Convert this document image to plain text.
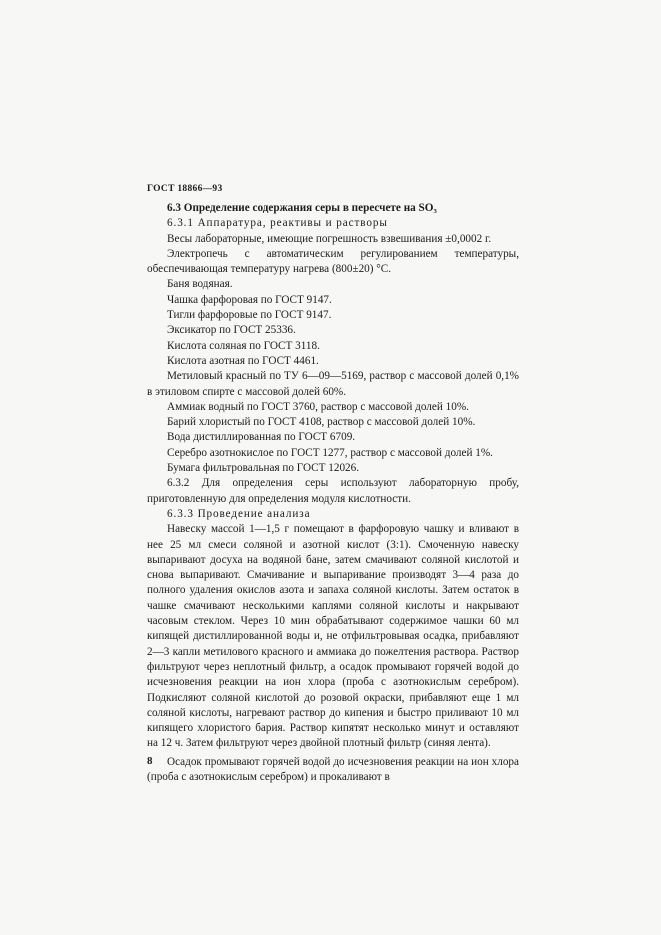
ГОСТ 18866—93

6.3 Определение содержания серы в пересчете на SO₃

6.3.1 Аппаратура, реактивы и растворы

Весы лабораторные, имеющие погрешность взвешивания ±0,0002 г.

Электропечь с автоматическим регулированием температуры, обеспечивающая температуру нагрева (800±20) °С.

Баня водяная.

Чашка фарфоровая по ГОСТ 9147.

Тигли фарфоровые по ГОСТ 9147.

Эксикатор по ГОСТ 25336.

Кислота соляная по ГОСТ 3118.

Кислота азотная по ГОСТ 4461.

Метиловый красный по ТУ 6—09—5169, раствор с массовой долей 0,1% в этиловом спирте с массовой долей 60%.

Аммиак водный по ГОСТ 3760, раствор с массовой долей 10%.

Барий хлористый по ГОСТ 4108, раствор с массовой долей 10%.

Вода дистиллированная по ГОСТ 6709.

Серебро азотнокислое по ГОСТ 1277, раствор с массовой долей 1%.

Бумага фильтровальная по ГОСТ 12026.

6.3.2 Для определения серы используют лабораторную пробу, приготовленную для определения модуля кислотности.

6.3.3 Проведение анализа

Навеску массой 1—1,5 г помещают в фарфоровую чашку и вливают в нее 25 мл смеси соляной и азотной кислот (3:1). Смоченную навеску выпаривают досуха на водяной бане, затем смачивают соляной кислотой и снова выпаривают. Смачивание и выпаривание производят 3—4 раза до полного удаления окислов азота и запаха соляной кислоты. Затем остаток в чашке смачивают несколькими каплями соляной кислоты и накрывают часовым стеклом. Через 10 мин обрабатывают содержимое чашки 60 мл кипящей дистиллированной воды и, не отфильтровывая осадка, прибавляют 2—3 капли метилового красного и аммиака до пожелтения раствора. Раствор фильтруют через неплотный фильтр, а осадок промывают горячей водой до исчезновения реакции на ион хлора (проба с азотнокислым серебром). Подкисляют соляной кислотой до розовой окраски, прибавляют еще 1 мл соляной кислоты, нагревают раствор до кипения и быстро приливают 10 мл кипящего хлористого бария. Раствор кипятят несколько минут и оставляют на 12 ч. Затем фильтруют через двойной плотный фильтр (синяя лента).

Осадок промывают горячей водой до исчезновения реакции на ион хлора (проба с азотнокислым серебром) и прокаливают в

8
